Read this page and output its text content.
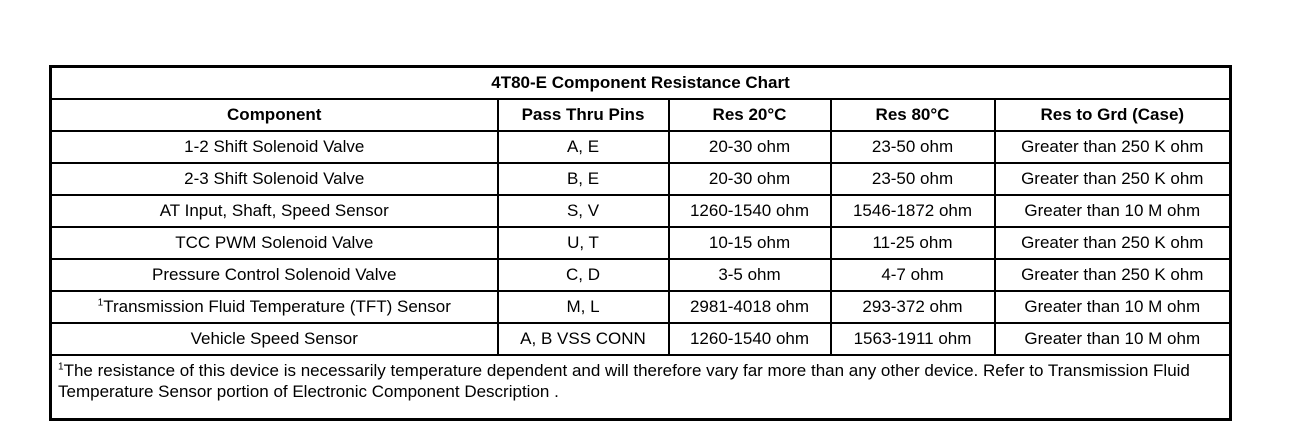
4T80-E Component Resistance Chart				
Component	Pass Thru Pins	Res 20°C	Res 80°C	Res to Grd (Case)
1-2 Shift Solenoid Valve	A, E	20-30 ohm	23-50 ohm	Greater than 250 K ohm
2-3 Shift Solenoid Valve	B, E	20-30 ohm	23-50 ohm	Greater than 250 K ohm
AT Input, Shaft, Speed Sensor	S, V	1260-1540 ohm	1546-1872 ohm	Greater than 10 M ohm
TCC PWM Solenoid Valve	U, T	10-15 ohm	11-25 ohm	Greater than 250 K ohm
Pressure Control Solenoid Valve	C, D	3-5 ohm	4-7 ohm	Greater than 250 K ohm
$^1$Transmission Fluid Temperature (TFT) Sensor	M, L	2981-4018 ohm	293-372 ohm	Greater than 10 M ohm
Vehicle Speed Sensor	A, B VSS CONN	1260-1540 ohm	1563-1911 ohm	Greater than 10 M ohm
$^1$The resistance of this device is necessarily temperature dependent and will therefore vary far more than any other device. Refer to Transmission Fluid Temperature Sensor portion of Electronic Component Description .				
